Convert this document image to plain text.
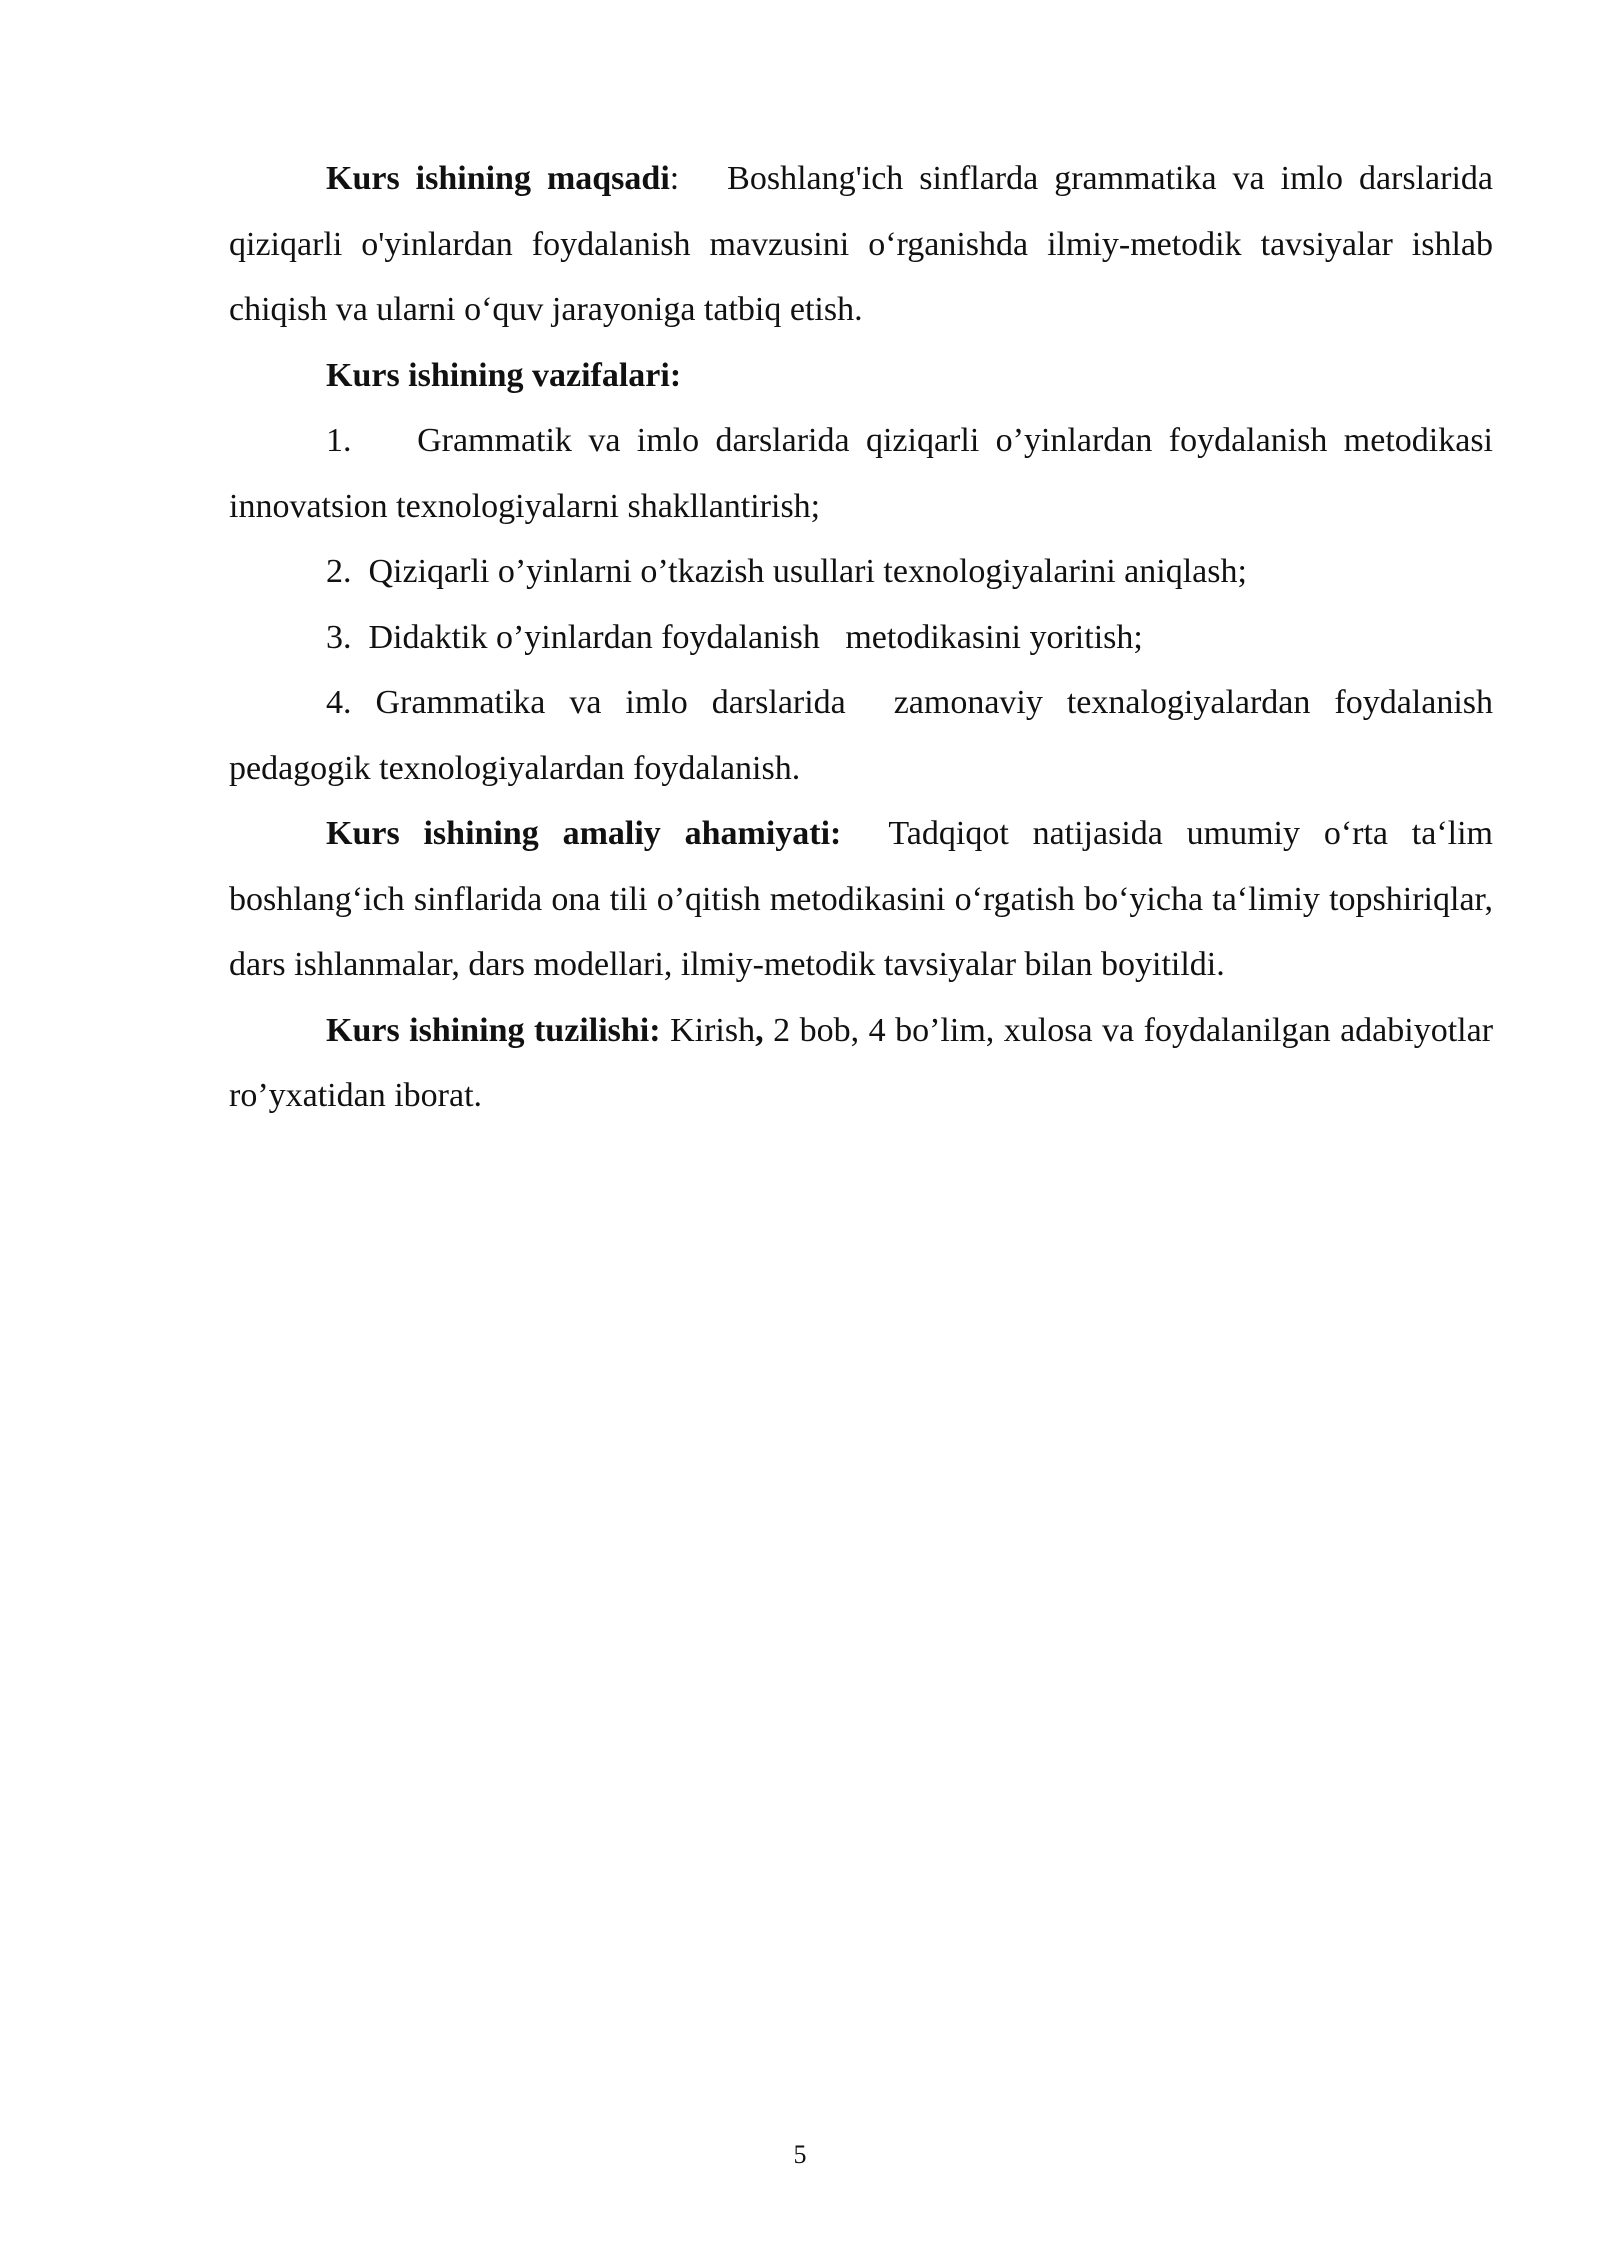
Kurs ishining maqsadi: Boshlang'ich sinflarda grammatika va imlo darslarida qiziqarli o'yinlardan foydalanish mavzusini o‘rganishda ilmiy-metodik tavsiyalar ishlab chiqish va ularni o‘quv jarayoniga tatbiq etish.

Kurs ishining vazifalari:

1.    Grammatik va imlo darslarida qiziqarli o’yinlardan foydalanish metodikasi innovatsion texnologiyalarni shakllantirish;

2.  Qiziqarli o’yinlarni o’tkazish usullari texnologiyalarini aniqlash;

3.  Didaktik o’yinlardan foydalanish   metodikasini yoritish;

4. Grammatika va imlo darslarida  zamonaviy texnalogiyalardan foydalanish pedagogik texnologiyalardan foydalanish.

Kurs ishining amaliy ahamiyati: Tadqiqot natijasida umumiy o‘rta ta‘lim boshlang‘ich sinflarida ona tili o’qitish metodikasini o‘rgatish bo‘yicha ta‘limiy topshiriqlar, dars ishlanmalar, dars modellari, ilmiy-metodik tavsiyalar bilan boyitildi.

Kurs ishining tuzilishi: Kirish, 2 bob, 4 bo’lim, xulosa va foydalanilgan adabiyotlar ro’yxatidan iborat.

5
